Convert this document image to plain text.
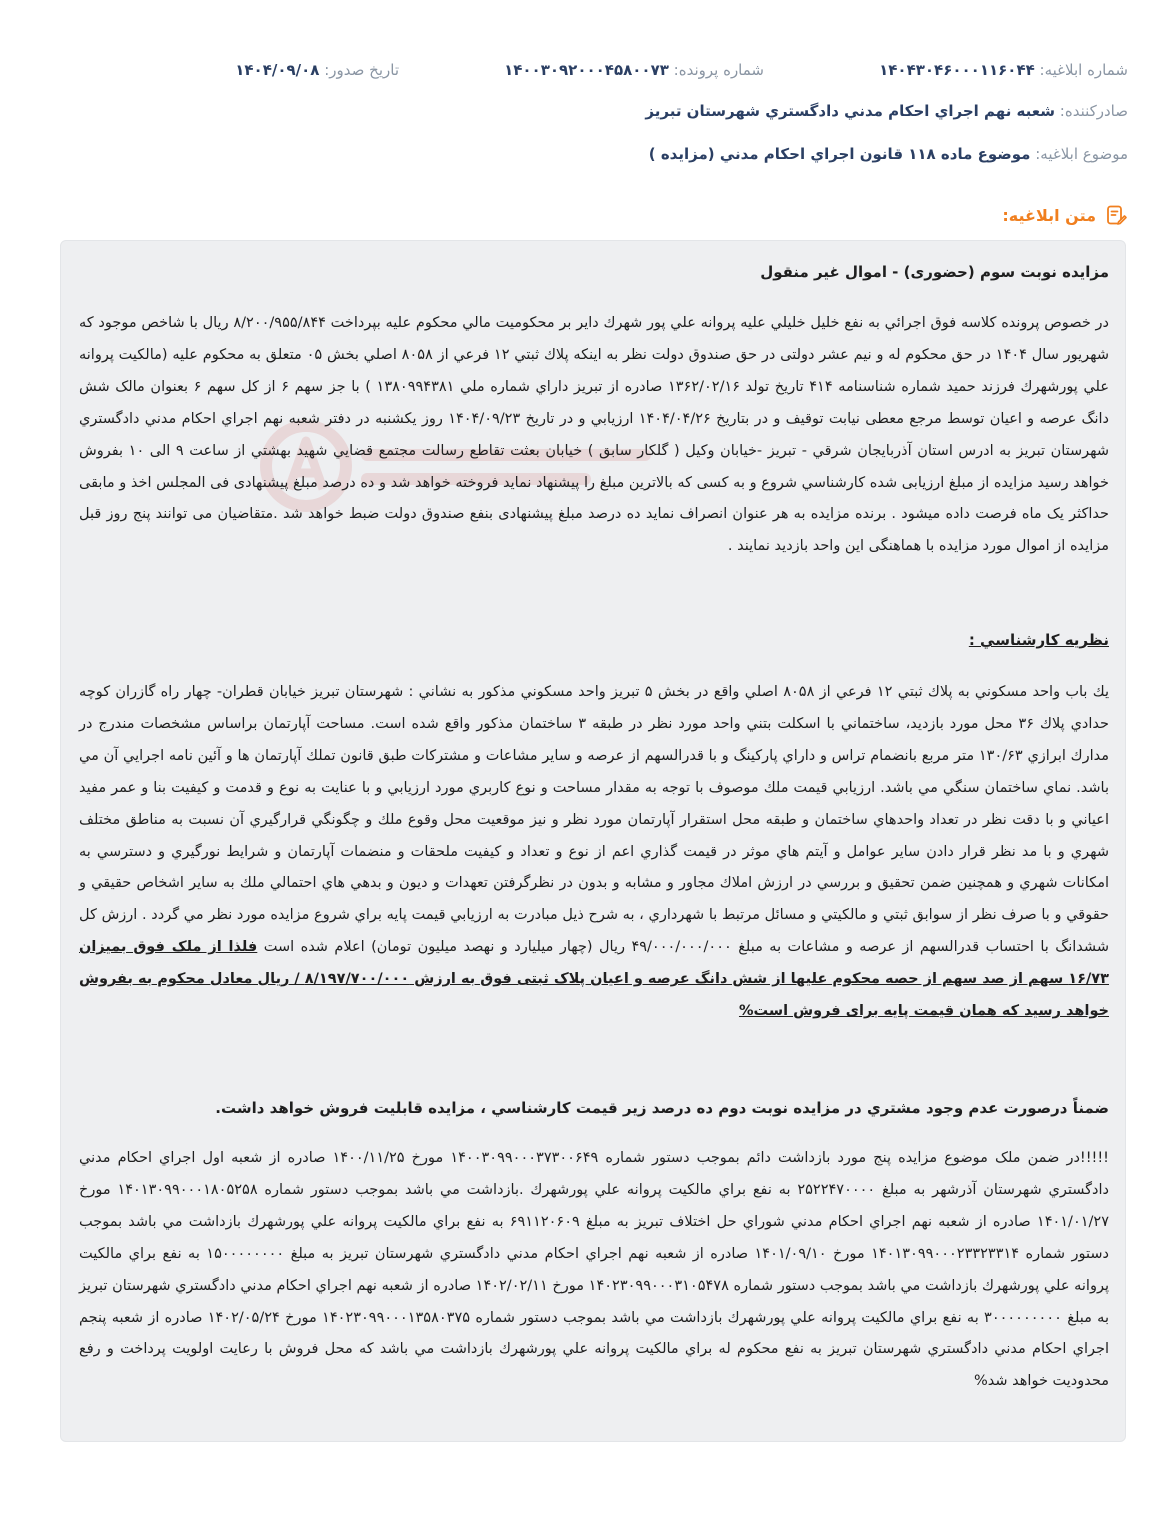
شماره ابلاغيه: ۱۴۰۴۳۰۴۶۰۰۰۱۱۶۰۴۴
شماره پرونده: ۱۴۰۰۳۰۹۲۰۰۰۴۵۸۰۰۷۳
تاريخ صدور: ۱۴۰۴/۰۹/۰۸
صادرکننده: شعبه نهم اجراي احكام مدني دادگستري شهرستان تبريز
موضوع ابلاغيه: موضوع ماده ۱۱۸ قانون اجراي احكام مدني (مزايده )
متن ابلاغيه:
مزايده نوبت سوم (حضوری) - اموال غير منقول
در خصوص پرونده كلاسه فوق اجرائي به نفع خليل خليلي عليه پروانه علي پور شهرك داير بر محكوميت مالي محكوم عليه بپرداخت ۸/۲۰۰/۹۵۵/۸۴۴ ريال با شاخص موجود كه شهريور سال ۱۴۰۴ در حق محکوم له و نيم عشر دولتی در حق صندوق دولت نظر به اينكه پلاك ثبتي ۱۲ فرعي از ۸۰۵۸ اصلي بخش ۰۵ متعلق به محكوم عليه (مالكيت پروانه علي پورشهرك فرزند حميد شماره شناسنامه ۴۱۴ تاريخ تولد ۱۳۶۲/۰۲/۱۶ صادره از تبريز داراي شماره ملي ۱۳۸۰۹۹۴۳۸۱ ) با جز سهم ۶ از کل سهم ۶ بعنوان مالک شش دانگ عرصه و اعيان توسط مرجع معطی نيابت توقيف و در بتاريخ ۱۴۰۴/۰۴/۲۶ ارزيابي و در تاريخ ۱۴۰۴/۰۹/۲۳ روز يکشنبه در دفتر شعبه نهم اجراي احكام مدني دادگستري شهرستان تبريز به ادرس استان آذربايجان شرقي - تبريز -خيابان وكيل ( گلكار سابق ) خيابان بعثت تقاطع رسالت مجتمع قضايي شهيد بهشتي از ساعت ۹ الی ۱۰ بفروش خواهد رسيد مزايده از مبلغ ارزيابی شده كارشناسي شروع و به كسی كه بالاترين مبلغ را پيشنهاد نمايد فروخته خواهد شد و ده درصد مبلغ پيشنهادی فی المجلس اخذ و مابقی حداكثر يک ماه فرصت داده ميشود . برنده مزايده به هر عنوان انصراف نمايد ده درصد مبلغ پيشنهادی بنفع صندوق دولت ضبط خواهد شد .متقاضيان می توانند پنج روز قبل مزايده از اموال مورد مزايده با هماهنگی اين واحد بازديد نمايند .
نظريه كارشناسي :
يك باب واحد مسكوني به پلاك ثبتي ۱۲ فرعي از ۸۰۵۸ اصلي واقع در بخش ۵ تبريز واحد مسكوني مذكور به نشاني : شهرستان تبريز خيابان قطران- چهار راه گازران كوچه حدادي پلاك ۳۶ محل مورد بازديد، ساختماني با اسكلت بتني واحد مورد نظر در طبقه ۳ ساختمان مذكور واقع شده است. مساحت آپارتمان براساس مشخصات مندرج در مدارك ابرازي ۱۳۰/۶۳ متر مربع بانضمام تراس و داراي پاركينگ و با قدرالسهم از عرصه و ساير مشاعات و مشتركات طبق قانون تملك آپارتمان ها و آئين نامه اجرايي آن مي باشد. نماي ساختمان سنگي مي باشد. ارزيابي قيمت ملك موصوف با توجه به مقدار مساحت و نوع كاربري مورد ارزيابي و با عنايت به نوع و قدمت و كيفيت بنا و عمر مفيد اعياني و با دقت نظر در تعداد واحدهاي ساختمان و طبقه محل استقرار آپارتمان مورد نظر و نيز موقعيت محل وقوع ملك و چگونگي قرارگيري آن نسبت به مناطق مختلف شهري و با مد نظر قرار دادن ساير عوامل و آيتم هاي موثر در قيمت گذاري اعم از نوع و تعداد و كيفيت ملحقات و منضمات آپارتمان و شرايط نورگيري و دسترسي به امكانات شهري و همچنين ضمن تحقيق و بررسي در ارزش املاك مجاور و مشابه و بدون در نظرگرفتن تعهدات و ديون و بدهي هاي احتمالي ملك به ساير اشخاص حقيقي و حقوقي و با صرف نظر از سوابق ثبتي و مالكيتي و مسائل مرتبط با شهرداري ، به شرح ذيل مبادرت به ارزيابي قيمت پايه براي شروع مزايده مورد نظر مي گردد . ارزش كل ششدانگ با احتساب قدرالسهم از عرصه و مشاعات به مبلغ ۴۹/۰۰۰/۰۰۰/۰۰۰ ريال (چهار ميليارد و نهصد ميليون تومان) اعلام شده است فلذا از ملک فوق بميزان ۱۶/۷۳ سهم از صد سهم از حصه محکوم عليها از شش دانگ عرصه و اعيان پلاک ثبتی فوق به ارزش ۸/۱۹۷/۷۰۰/۰۰۰ / ريال معادل محکوم به بفروش خواهد رسيد که همان قيمت پايه برای فروش است%
ضمناً درصورت عدم وجود مشتري در مزايده نوبت دوم ده درصد زير قيمت كارشناسي ، مزايده قابليت فروش خواهد داشت.
!!!!!در ضمن ملک موضوع مزايده پنج مورد بازداشت دائم بموجب دستور شماره ۱۴۰۰۳۰۹۹۰۰۰۳۷۳۰۰۶۴۹ مورخ ۱۴۰۰/۱۱/۲۵ صادره از شعبه اول اجراي احكام مدني دادگستري شهرستان آذرشهر به مبلغ ۲۵۲۲۴۷۰۰۰۰ به نفع براي مالكيت پروانه علي پورشهرك .بازداشت مي باشد بموجب دستور شماره ۱۴۰۱۳۰۹۹۰۰۰۱۸۰۵۲۵۸ مورخ ۱۴۰۱/۰۱/۲۷ صادره از شعبه نهم اجراي احكام مدني شوراي حل اختلاف تبريز به مبلغ ۶۹۱۱۲۰۶۰۹ به نفع براي مالكيت پروانه علي پورشهرك بازداشت مي باشد بموجب دستور شماره ۱۴۰۱۳۰۹۹۰۰۰۲۳۳۲۳۳۱۴ مورخ ۱۴۰۱/۰۹/۱۰ صادره از شعبه نهم اجراي احكام مدني دادگستري شهرستان تبريز به مبلغ ۱۵۰۰۰۰۰۰۰۰ به نفع براي مالكيت پروانه علي پورشهرك بازداشت مي باشد بموجب دستور شماره ۱۴۰۲۳۰۹۹۰۰۰۳۱۰۵۴۷۸ مورخ ۱۴۰۲/۰۲/۱۱ صادره از شعبه نهم اجراي احكام مدني دادگستري شهرستان تبريز به مبلغ ۳۰۰۰۰۰۰۰۰۰ به نفع براي مالكيت پروانه علي پورشهرك بازداشت مي باشد بموجب دستور شماره ۱۴۰۲۳۰۹۹۰۰۰۱۳۵۸۰۳۷۵ مورخ ۱۴۰۲/۰۵/۲۴ صادره از شعبه پنجم اجراي احكام مدني دادگستري شهرستان تبريز به نفع محكوم له براي مالكيت پروانه علي پورشهرك بازداشت مي باشد كه محل فروش با رعايت اولويت پرداخت و رفع محدوديت خواهد شد%
